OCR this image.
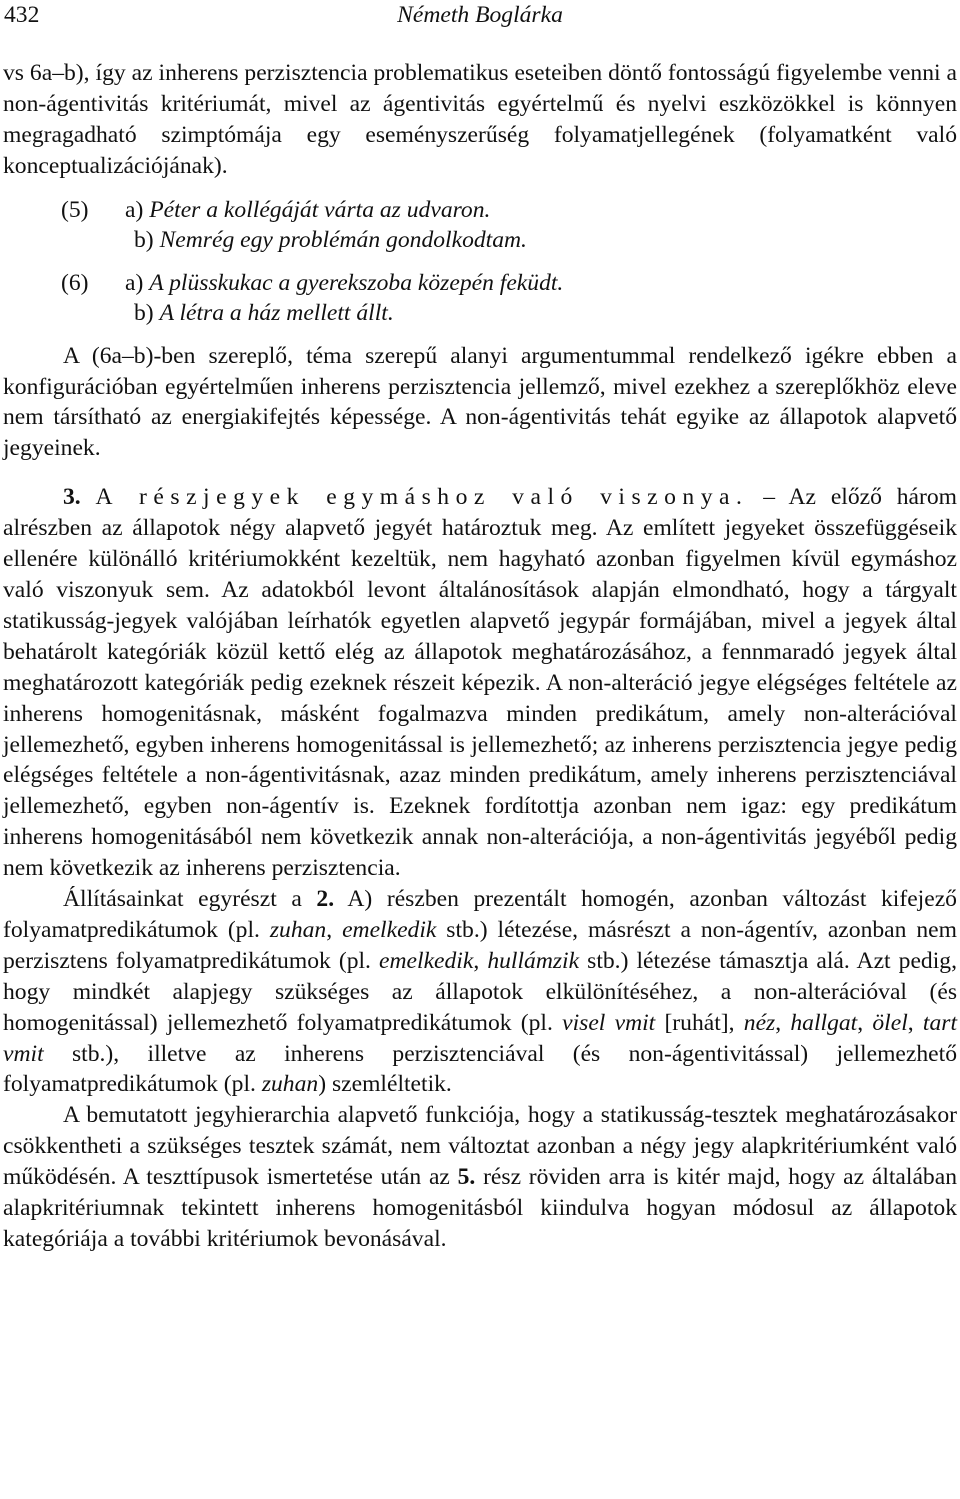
432	Németh Boglárka

vs 6a–b), így az inherens perzisztencia problematikus eseteiben döntő fontosságú figyelembe venni a non-ágentivitás kritériumát, mivel az ágentivitás egyértelmű és nyelvi eszközökkel is könnyen megragadható szimptómája egy eseményszerűség folyamatjellegének (folyamatként való konceptualizációjának).

(5) a) Péter a kollégáját várta az udvaron.
b) Nemrég egy problémán gondolkodtam.
(6) a) A plüsskukac a gyerekszoba közepén feküdt.
b) A létra a ház mellett állt.

A (6a–b)-ben szereplő, téma szerepű alanyi argumentummal rendelkező igékre ebben a konfigurációban egyértelműen inherens perzisztencia jellemző, mivel ezekhez a szereplőkhöz eleve nem társítható az energiakifejtés képessége. A non-ágentivitás tehát egyike az állapotok alapvető jegyeinek.

3. A részjegyek egymáshoz való viszonya. – Az előző három alrészben az állapotok négy alapvető jegyét határoztuk meg. Az említett jegyeket összefüggéseik ellenére különálló kritériumokként kezeltük, nem hagyható azonban figyelmen kívül egymáshoz való viszonyuk sem. Az adatokból levont általánosítások alapján elmondható, hogy a tárgyalt statikusság-jegyek valójában leírhatók egyetlen alapvető jegypár formájában, mivel a jegyek által behatárolt kategóriák közül kettő elég az állapotok meghatározásához, a fennmaradó jegyek által meghatározott kategóriák pedig ezeknek részeit képezik. A non-alteráció jegye elégséges feltétele az inherens homogenitásnak, másként fogalmazva minden predikátum, amely non-alterációval jellemezhető, egyben inherens homogenitással is jellemezhető; az inherens perzisztencia jegye pedig elégséges feltétele a non-ágentivitásnak, azaz minden predikátum, amely inherens perzisztenciával jellemezhető, egyben non-ágentív is. Ezeknek fordítottja azonban nem igaz: egy predikátum inherens homogenitásából nem következik annak non-alterációja, a non-ágentivitás jegyéből pedig nem következik az inherens perzisztencia.

Állításainkat egyrészt a 2. A) részben prezentált homogén, azonban változást kifejező folyamatpredikátumok (pl. zuhan, emelkedik stb.) létezése, másrészt a non-ágentív, azonban nem perzisztens folyamatpredikátumok (pl. emelkedik, hullámzik stb.) létezése támasztja alá. Azt pedig, hogy mindkét alapjegy szükséges az állapotok elkülönítéséhez, a non-alterációval (és homogenitással) jellemezhető folyamatpredikátumok (pl. visel vmit [ruhát], néz, hallgat, ölel, tart vmit stb.), illetve az inherens perzisztenciával (és non-ágentivitással) jellemezhető folyamatpredikátumok (pl. zuhan) szemléltetik.

A bemutatott jegyhierarchia alapvető funkciója, hogy a statikusság-tesztek meghatározásakor csökkentheti a szükséges tesztek számát, nem változtat azonban a négy jegy alapkritériumként való működésén. A teszttípusok ismertetése után az 5. rész röviden arra is kitér majd, hogy az általában alapkritériumnak tekintett inherens homogenitásból kiindulva hogyan módosul az állapotok kategóriája a további kritériumok bevonásával.
